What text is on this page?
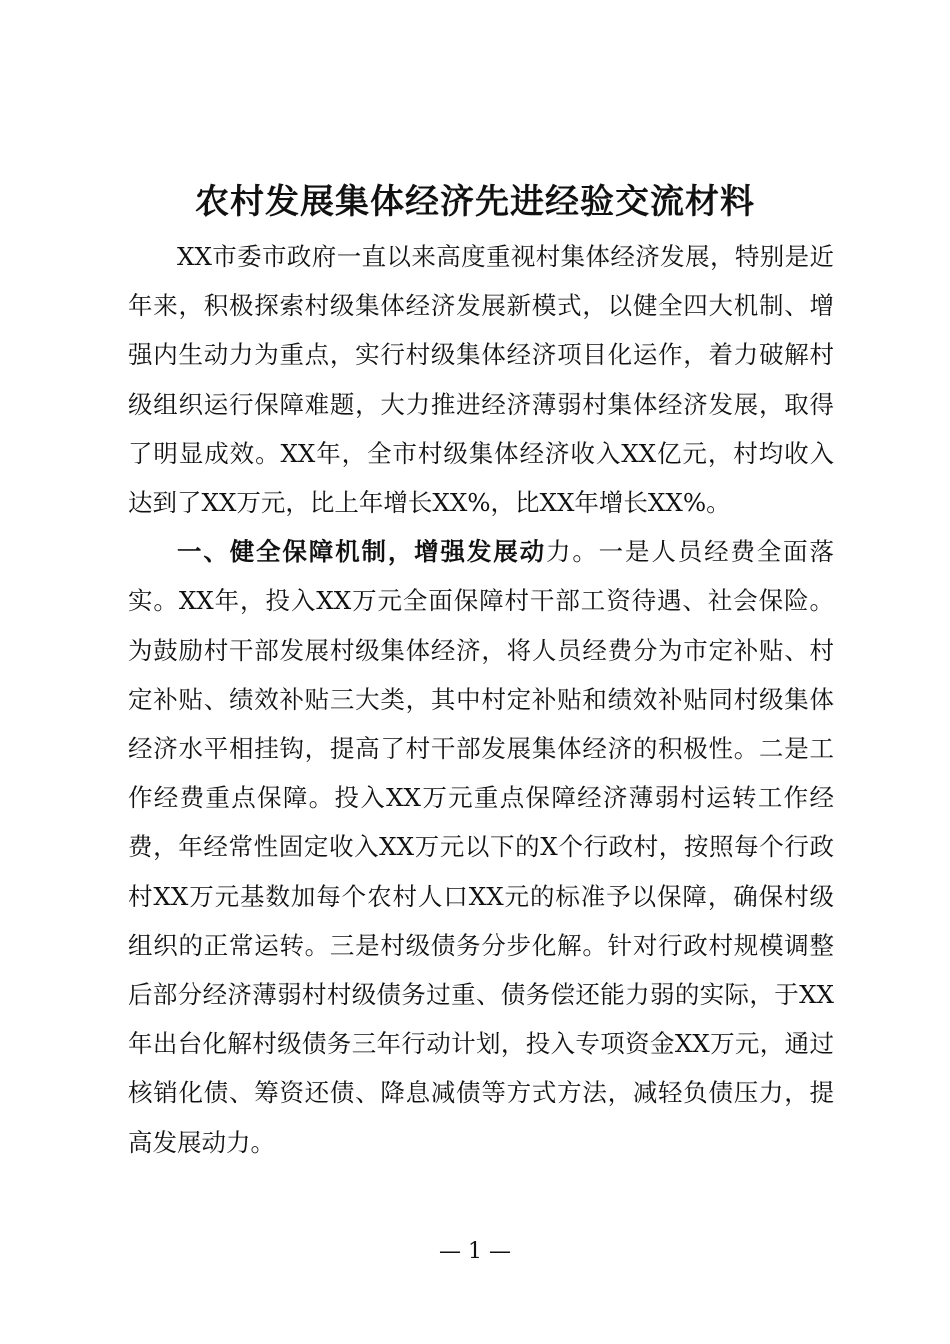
农村发展集体经济先进经验交流材料

XX市委市政府一直以来高度重视村集体经济发展，特别是近年来，积极探索村级集体经济发展新模式，以健全四大机制、增强内生动力为重点，实行村级集体经济项目化运作，着力破解村级组织运行保障难题，大力推进经济薄弱村集体经济发展，取得了明显成效。XX年，全市村级集体经济收入XX亿元，村均收入达到了XX万元，比上年增长XX%，比XX年增长XX%。

一、健全保障机制，增强发展动力。一是人员经费全面落实。XX年，投入XX万元全面保障村干部工资待遇、社会保险。为鼓励村干部发展村级集体经济，将人员经费分为市定补贴、村定补贴、绩效补贴三大类，其中村定补贴和绩效补贴同村级集体经济水平相挂钩，提高了村干部发展集体经济的积极性。二是工作经费重点保障。投入XX万元重点保障经济薄弱村运转工作经费，年经常性固定收入XX万元以下的X个行政村，按照每个行政村XX万元基数加每个农村人口XX元的标准予以保障，确保村级组织的正常运转。三是村级债务分步化解。针对行政村规模调整后部分经济薄弱村村级债务过重、债务偿还能力弱的实际，于XX年出台化解村级债务三年行动计划，投入专项资金XX万元，通过核销化债、筹资还债、降息减债等方式方法，减轻负债压力，提高发展动力。

— 1 —
